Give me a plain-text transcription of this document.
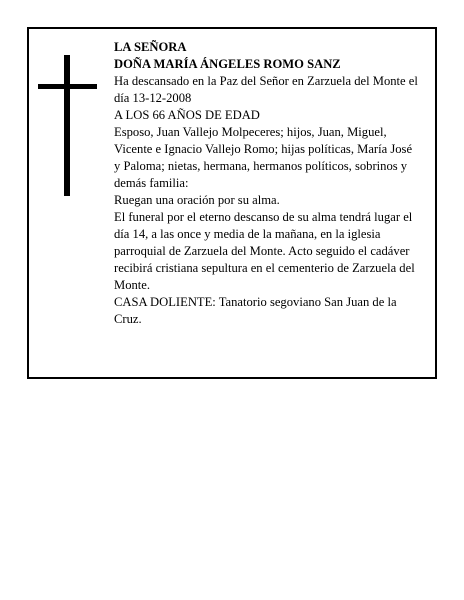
LA SEÑORA

DOÑA MARÍA ÁNGELES ROMO SANZ

Ha descansado en la Paz del Señor en Zarzuela del Monte el día 13-12-2008

A LOS 66 AÑOS DE EDAD

Esposo, Juan Vallejo Molpeceres; hijos, Juan, Miguel, Vicente e Ignacio Vallejo Romo; hijas políticas, María José y Paloma; nietas, hermana, hermanos políticos, sobrinos y demás familia:

Ruegan una oración por su alma.

El funeral por el eterno descanso de su alma tendrá lugar el día 14, a las once y media de la mañana, en la iglesia parroquial de Zarzuela del Monte. Acto seguido el cadáver recibirá cristiana sepultura en el cementerio de Zarzuela del Monte.

CASA DOLIENTE: Tanatorio segoviano San Juan de la Cruz.
